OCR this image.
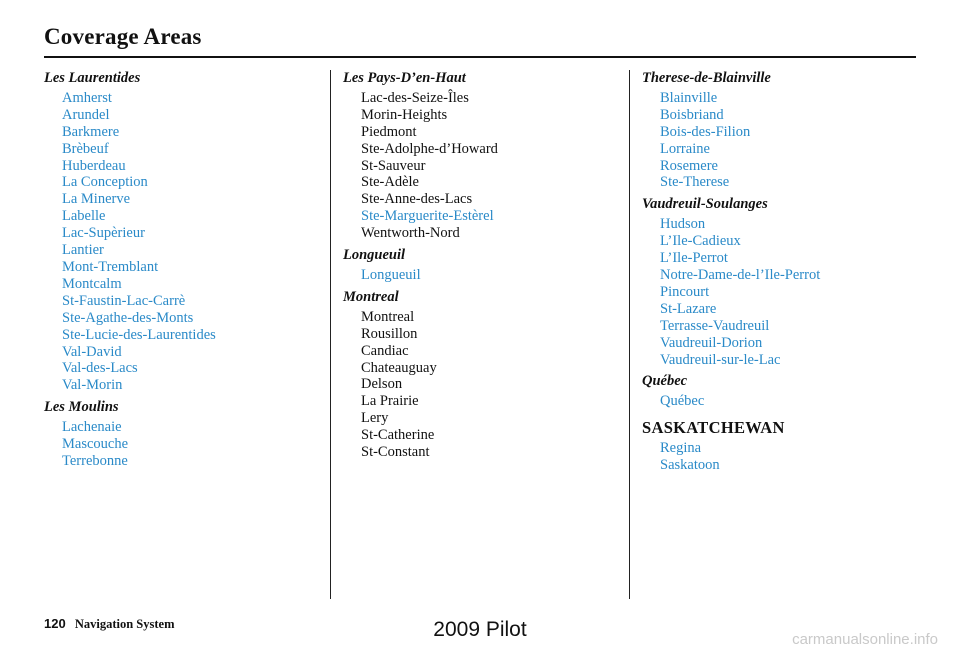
Coverage Areas
Les Laurentides
Amherst
Arundel
Barkmere
Brèbeuf
Huberdeau
La Conception
La Minerve
Labelle
Lac-Supèrieur
Lantier
Mont-Tremblant
Montcalm
St-Faustin-Lac-Carrè
Ste-Agathe-des-Monts
Ste-Lucie-des-Laurentides
Val-David
Val-des-Lacs
Val-Morin
Les Moulins
Lachenaie
Mascouche
Terrebonne
Les Pays-D’en-Haut
Lac-des-Seize-Îles
Morin-Heights
Piedmont
Ste-Adolphe-d’Howard
St-Sauveur
Ste-Adèle
Ste-Anne-des-Lacs
Ste-Marguerite-Estèrel
Wentworth-Nord
Longueuil
Longueuil
Montreal
Montreal
Rousillon
Candiac
Chateauguay
Delson
La Prairie
Lery
St-Catherine
St-Constant
Therese-de-Blainville
Blainville
Boisbriand
Bois-des-Filion
Lorraine
Rosemere
Ste-Therese
Vaudreuil-Soulanges
Hudson
L’Ile-Cadieux
L’Ile-Perrot
Notre-Dame-de-l’Ile-Perrot
Pincourt
St-Lazare
Terrasse-Vaudreuil
Vaudreuil-Dorion
Vaudreuil-sur-le-Lac
Québec
Québec
SASKATCHEWAN
Regina
Saskatoon
120 Navigation System	2009 Pilot	carmanualsonline.info
